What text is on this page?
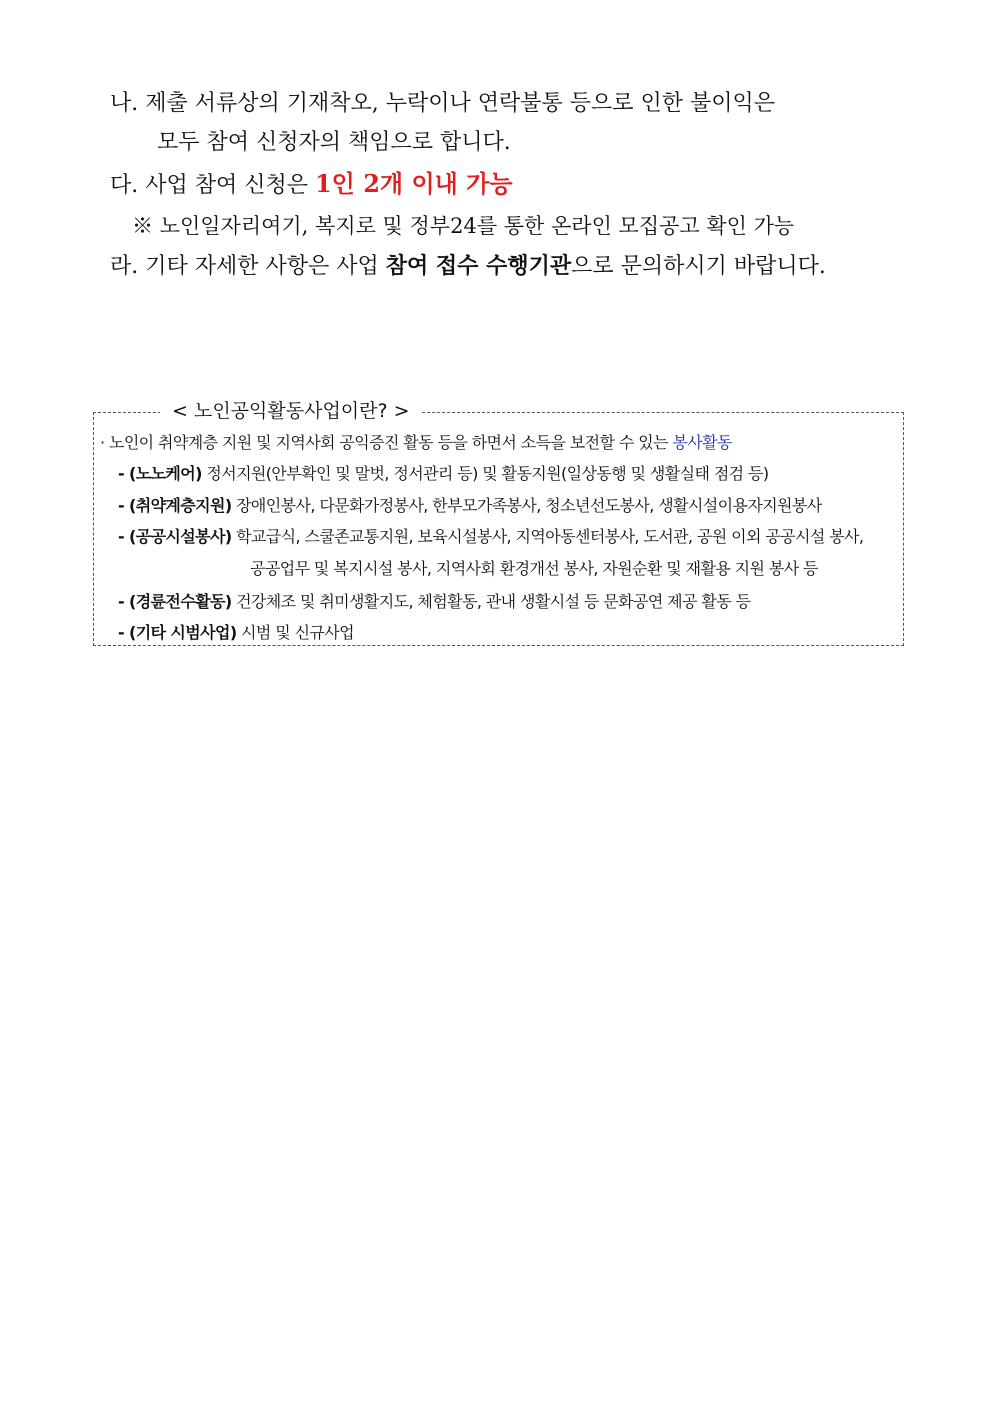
나. 제출 서류상의 기재착오, 누락이나 연락불통 등으로 인한 불이익은
모두 참여 신청자의 책임으로 합니다.
다. 사업 참여 신청은 1인 2개 이내 가능
※ 노인일자리여기, 복지로 및 정부24를 통한 온라인 모집공고 확인 가능
라. 기타 자세한 사항은 사업 참여 접수 수행기관으로 문의하시기 바랍니다.
< 노인공익활동사업이란? >
· 노인이 취약계층 지원 및 지역사회 공익증진 활동 등을 하면서 소득을 보전할 수 있는 봉사활동
- (노노케어) 정서지원(안부확인 및 말벗, 정서관리 등) 및 활동지원(일상동행 및 생활실태 점검 등)
- (취약계층지원) 장애인봉사, 다문화가정봉사, 한부모가족봉사, 청소년선도봉사, 생활시설이용자지원봉사
- (공공시설봉사) 학교급식, 스쿨존교통지원, 보육시설봉사, 지역아동센터봉사, 도서관, 공원 이외 공공시설 봉사,
공공업무 및 복지시설 봉사, 지역사회 환경개선 봉사, 자원순환 및 재활용 지원 봉사 등
- (경륜전수활동) 건강체조 및 취미생활지도, 체험활동, 관내 생활시설 등 문화공연 제공 활동 등
- (기타 시범사업) 시범 및 신규사업
